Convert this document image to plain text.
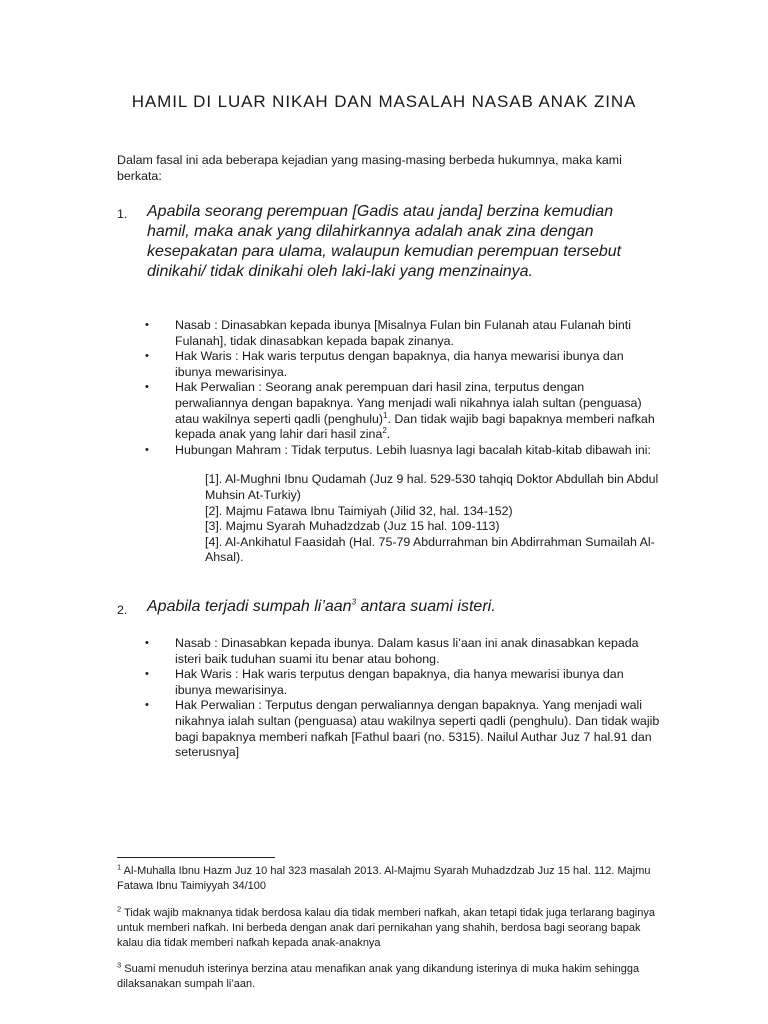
HAMIL DI LUAR NIKAH DAN MASALAH NASAB ANAK ZINA
Dalam fasal ini ada beberapa kejadian yang masing-masing berbeda hukumnya, maka kami berkata:
1. Apabila seorang perempuan [Gadis atau janda] berzina kemudian hamil, maka anak yang dilahirkannya adalah anak zina dengan kesepakatan para ulama, walaupun kemudian perempuan tersebut dinikahi/ tidak dinikahi oleh laki-laki yang menzinainya.
• Nasab : Dinasabkan kepada ibunya [Misalnya Fulan bin Fulanah atau Fulanah binti Fulanah], tidak dinasabkan kepada bapak zinanya.
• Hak Waris : Hak waris terputus dengan bapaknya, dia hanya mewarisi ibunya dan ibunya mewarisinya.
• Hak Perwalian : Seorang anak perempuan dari hasil zina, terputus dengan perwaliannya dengan bapaknya. Yang menjadi wali nikahnya ialah sultan (penguasa) atau wakilnya seperti qadli (penghulu)$^1$. Dan tidak wajib bagi bapaknya memberi nafkah kepada anak yang lahir dari hasil zina$^2$.
• Hubungan Mahram : Tidak terputus. Lebih luasnya lagi bacalah kitab-kitab dibawah ini:
[1]. Al-Mughni Ibnu Qudamah (Juz 9 hal. 529-530 tahqiq Doktor Abdullah bin Abdul Muhsin At-Turkiy)
[2]. Majmu Fatawa Ibnu Taimiyah (Jilid 32, hal. 134-152)
[3]. Majmu Syarah Muhadzdzab (Juz 15 hal. 109-113)
[4]. Al-Ankihatul Faasidah (Hal. 75-79 Abdurrahman bin Abdirrahman Sumailah Al-Ahsal).
2. Apabila terjadi sumpah li’aan$^3$ antara suami isteri.
• Nasab : Dinasabkan kepada ibunya. Dalam kasus li’aan ini anak dinasabkan kepada isteri baik tuduhan suami itu benar atau bohong.
• Hak Waris : Hak waris terputus dengan bapaknya, dia hanya mewarisi ibunya dan ibunya mewarisinya.
• Hak Perwalian : Terputus dengan perwaliannya dengan bapaknya. Yang menjadi wali nikahnya ialah sultan (penguasa) atau wakilnya seperti qadli (penghulu). Dan tidak wajib bagi bapaknya memberi nafkah [Fathul baari (no. 5315). Nailul Authar Juz 7 hal.91 dan seterusnya]
$^1$ Al-Muhalla Ibnu Hazm Juz 10 hal 323 masalah 2013. Al-Majmu Syarah Muhadzdzab Juz 15 hal. 112. Majmu Fatawa Ibnu Taimiyyah 34/100
$^2$ Tidak wajib maknanya tidak berdosa kalau dia tidak memberi nafkah, akan tetapi tidak juga terlarang baginya untuk memberi nafkah. Ini berbeda dengan anak dari pernikahan yang shahih, berdosa bagi seorang bapak kalau dia tidak memberi nafkah kepada anak-anaknya
$^3$ Suami menuduh isterinya berzina atau menafikan anak yang dikandung isterinya di muka hakim sehingga dilaksanakan sumpah li’aan.
